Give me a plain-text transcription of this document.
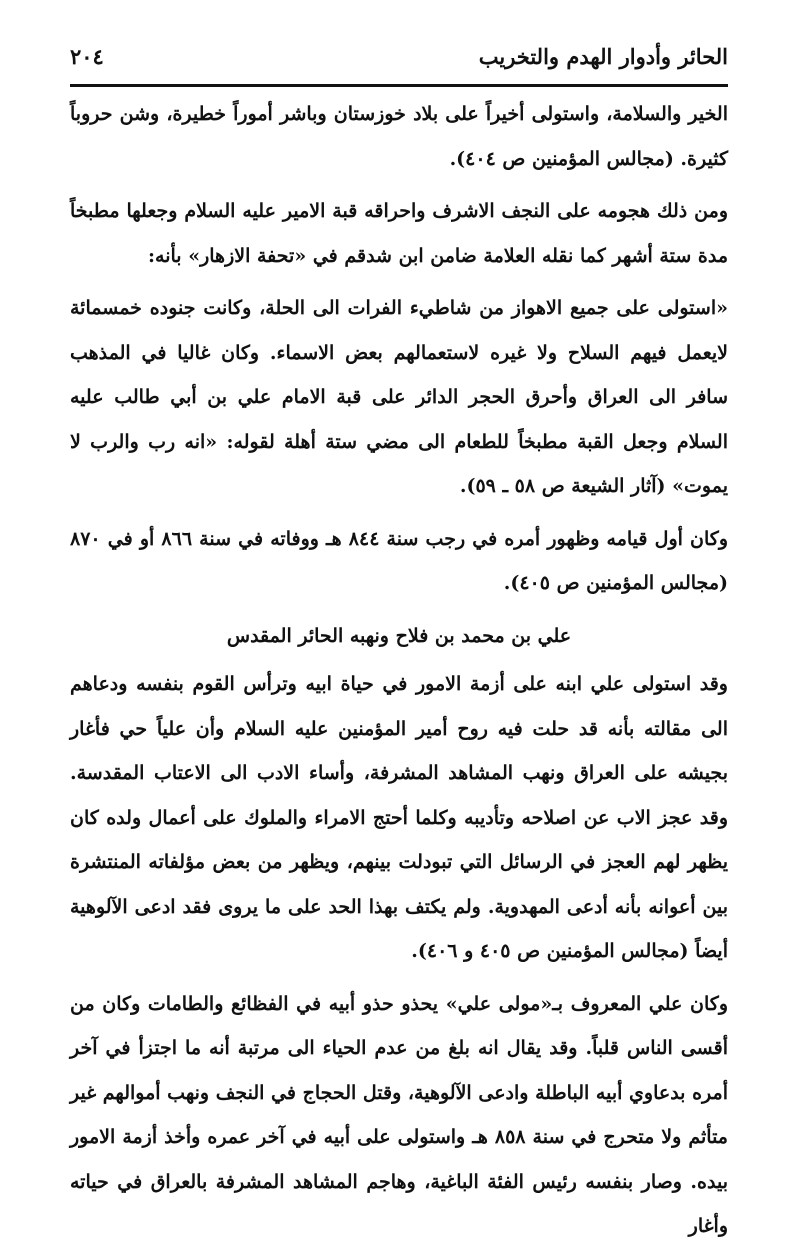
الحائر وأدوار الهدم والتخريب
٢٠٤

الخير والسلامة، واستولى أخيراً على بلاد خوزستان وباشر أموراً خطيرة، وشن حروباً كثيرة. (مجالس المؤمنين ص ٤٠٤).

ومن ذلك هجومه على النجف الاشرف واحراقه قبة الامير عليه السلام وجعلها مطبخاً مدة ستة أشهر كما نقله العلامة ضامن ابن شدقم في «تحفة الازهار» بأنه:

«استولى على جميع الاهواز من شاطيء الفرات الى الحلة، وكانت جنوده خمسمائة لايعمل فيهم السلاح ولا غيره لاستعمالهم بعض الاسماء. وكان غاليا في المذهب سافر الى العراق وأحرق الحجر الدائر على قبة الامام علي بن أبي طالب عليه السلام وجعل القبة مطبخاً للطعام الى مضي ستة أهلة لقوله: «انه رب والرب لا يموت» (آثار الشيعة ص ٥٨ ـ ٥٩).

وكان أول قيامه وظهور أمره في رجب سنة ٨٤٤ هـ ووفاته في سنة ٨٦٦ أو في ٨٧٠ (مجالس المؤمنين ص ٤٠٥).

علي بن محمد بن فلاح ونهبه الحائر المقدس

وقد استولى علي ابنه على أزمة الامور في حياة ابيه وترأس القوم بنفسه ودعاهم الى مقالته بأنه قد حلت فيه روح أمير المؤمنين عليه السلام وأن علياً حي فأغار بجيشه على العراق ونهب المشاهد المشرفة، وأساء الادب الى الاعتاب المقدسة. وقد عجز الاب عن اصلاحه وتأديبه وكلما أحتج الامراء والملوك على أعمال ولده كان يظهر لهم العجز في الرسائل التي تبودلت بينهم، ويظهر من بعض مؤلفاته المنتشرة بين أعوانه بأنه أدعى المهدوية. ولم يكتف بهذا الحد على ما يروى فقد ادعى الآلوهية أيضاً (مجالس المؤمنين ص ٤٠٥ و ٤٠٦).

وكان علي المعروف بـ«مولى علي» يحذو حذو أبيه في الفظائع والطامات وكان من أقسى الناس قلباً. وقد يقال انه بلغ من عدم الحياء الى مرتبة أنه ما اجتزأ في آخر أمره بدعاوي أبيه الباطلة وادعى الآلوهية، وقتل الحجاج في النجف ونهب أموالهم غير متأثم ولا متحرج في سنة ٨٥٨ هـ واستولى على أبيه في آخر عمره وأخذ أزمة الامور بيده. وصار بنفسه رئيس الفئة الباغية، وهاجم المشاهد المشرفة بالعراق في حياته وأغار
